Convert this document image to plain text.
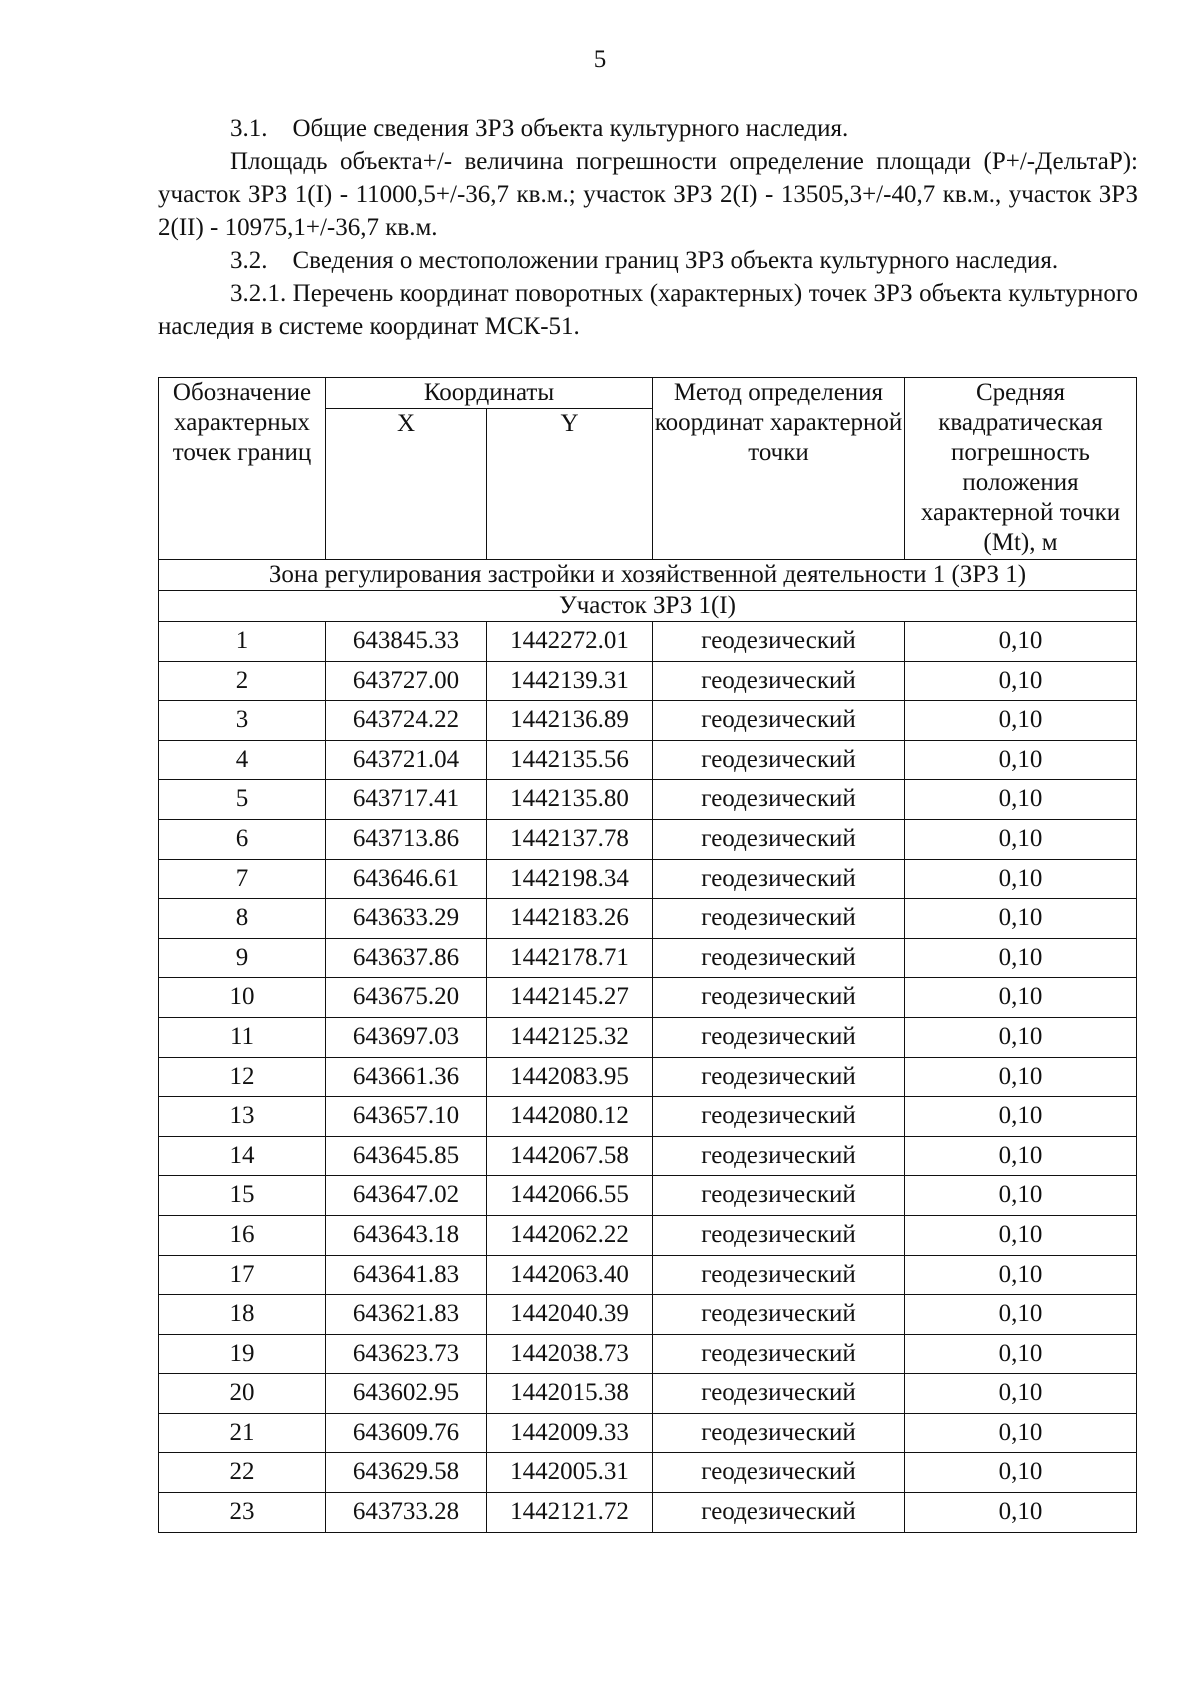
5

3.1.    Общие сведения ЗРЗ объекта культурного наследия.

Площадь объекта+/- величина погрешности определение площади (Р+/-ДельтаР): участок ЗРЗ 1(I) - 11000,5+/-36,7 кв.м.; участок ЗРЗ 2(I) - 13505,3+/-40,7 кв.м., участок ЗРЗ 2(II) - 10975,1+/-36,7 кв.м.

3.2.    Сведения о местоположении границ ЗРЗ объекта культурного наследия.

3.2.1. Перечень координат поворотных (характерных) точек ЗРЗ объекта культурного наследия в системе координат МСК-51.

Обозначение характерных точек границ	Координаты		Метод определения координат характерной точки	Средняя квадратическая погрешность положения характерной точки (Mt), м
	X	Y		
Зона регулирования застройки и хозяйственной деятельности 1 (ЗРЗ 1)				
Участок ЗРЗ 1(I)				
1	643845.33	1442272.01	геодезический	0,10
2	643727.00	1442139.31	геодезический	0,10
3	643724.22	1442136.89	геодезический	0,10
4	643721.04	1442135.56	геодезический	0,10
5	643717.41	1442135.80	геодезический	0,10
6	643713.86	1442137.78	геодезический	0,10
7	643646.61	1442198.34	геодезический	0,10
8	643633.29	1442183.26	геодезический	0,10
9	643637.86	1442178.71	геодезический	0,10
10	643675.20	1442145.27	геодезический	0,10
11	643697.03	1442125.32	геодезический	0,10
12	643661.36	1442083.95	геодезический	0,10
13	643657.10	1442080.12	геодезический	0,10
14	643645.85	1442067.58	геодезический	0,10
15	643647.02	1442066.55	геодезический	0,10
16	643643.18	1442062.22	геодезический	0,10
17	643641.83	1442063.40	геодезический	0,10
18	643621.83	1442040.39	геодезический	0,10
19	643623.73	1442038.73	геодезический	0,10
20	643602.95	1442015.38	геодезический	0,10
21	643609.76	1442009.33	геодезический	0,10
22	643629.58	1442005.31	геодезический	0,10
23	643733.28	1442121.72	геодезический	0,10
